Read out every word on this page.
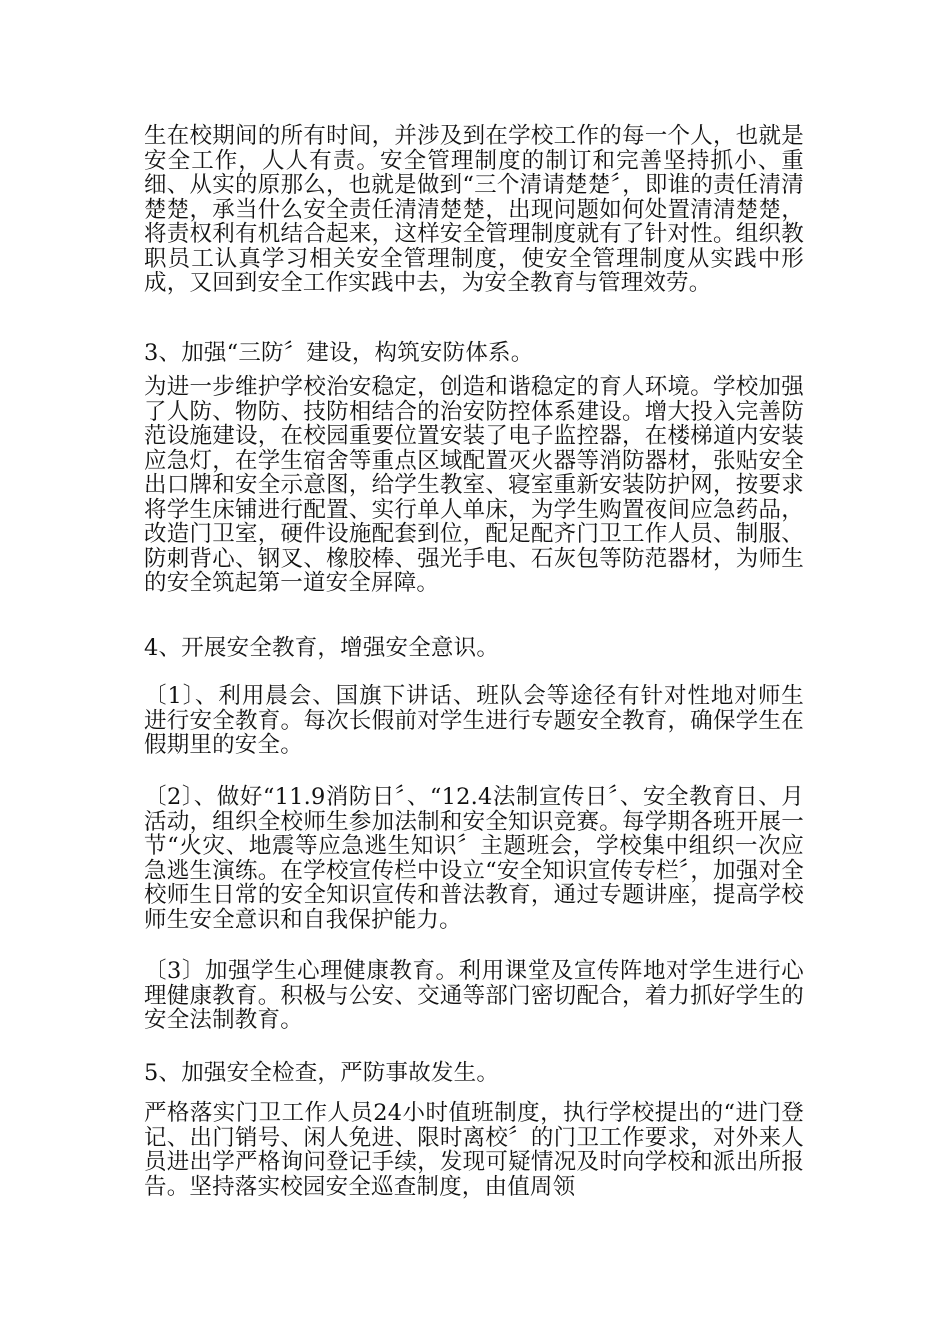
生在校期间的所有时间，并涉及到在学校工作的每一个人，也就是安全工作，人人有责。安全管理制度的制订和完善坚持抓小、重细、从实的原那么，也就是做到“三个清请楚楚〞，即谁的责任清清楚楚，承当什么安全责任清清楚楚，出现问题如何处置清清楚楚，将责权利有机结合起来，这样安全管理制度就有了针对性。组织教职员工认真学习相关安全管理制度，使安全管理制度从实践中形成，又回到安全工作实践中去，为安全教育与管理效劳。
3、加强“三防〞建设，构筑安防体系。
为进一步维护学校治安稳定，创造和谐稳定的育人环境。学校加强了人防、物防、技防相结合的治安防控体系建设。增大投入完善防范设施建设，在校园重要位置安装了电子监控器，在楼梯道内安装应急灯，在学生宿舍等重点区域配置灭火器等消防器材，张贴安全出口牌和安全示意图，给学生教室、寝室重新安装防护网，按要求将学生床铺进行配置、实行单人单床，为学生购置夜间应急药品，改造门卫室，硬件设施配套到位，配足配齐门卫工作人员、制服、防刺背心、钢叉、橡胶棒、强光手电、石灰包等防范器材，为师生的安全筑起第一道安全屏障。
4、开展安全教育，增强安全意识。
〔1〕、利用晨会、国旗下讲话、班队会等途径有针对性地对师生进行安全教育。每次长假前对学生进行专题安全教育，确保学生在假期里的安全。
〔2〕、做好“11.9消防日〞、“12.4法制宣传日〞、安全教育日、月活动，组织全校师生参加法制和安全知识竞赛。每学期各班开展一节“火灾、地震等应急逃生知识〞主题班会，学校集中组织一次应急逃生演练。在学校宣传栏中设立“安全知识宣传专栏〞，加强对全校师生日常的安全知识宣传和普法教育，通过专题讲座，提高学校师生安全意识和自我保护能力。
〔3〕加强学生心理健康教育。利用课堂及宣传阵地对学生进行心理健康教育。积极与公安、交通等部门密切配合，着力抓好学生的安全法制教育。
5、加强安全检查，严防事故发生。
严格落实门卫工作人员24小时值班制度，执行学校提出的“进门登记、出门销号、闲人免进、限时离校〞的门卫工作要求，对外来人员进出学严格询问登记手续，发现可疑情况及时向学校和派出所报告。坚持落实校园安全巡查制度，由值周领
